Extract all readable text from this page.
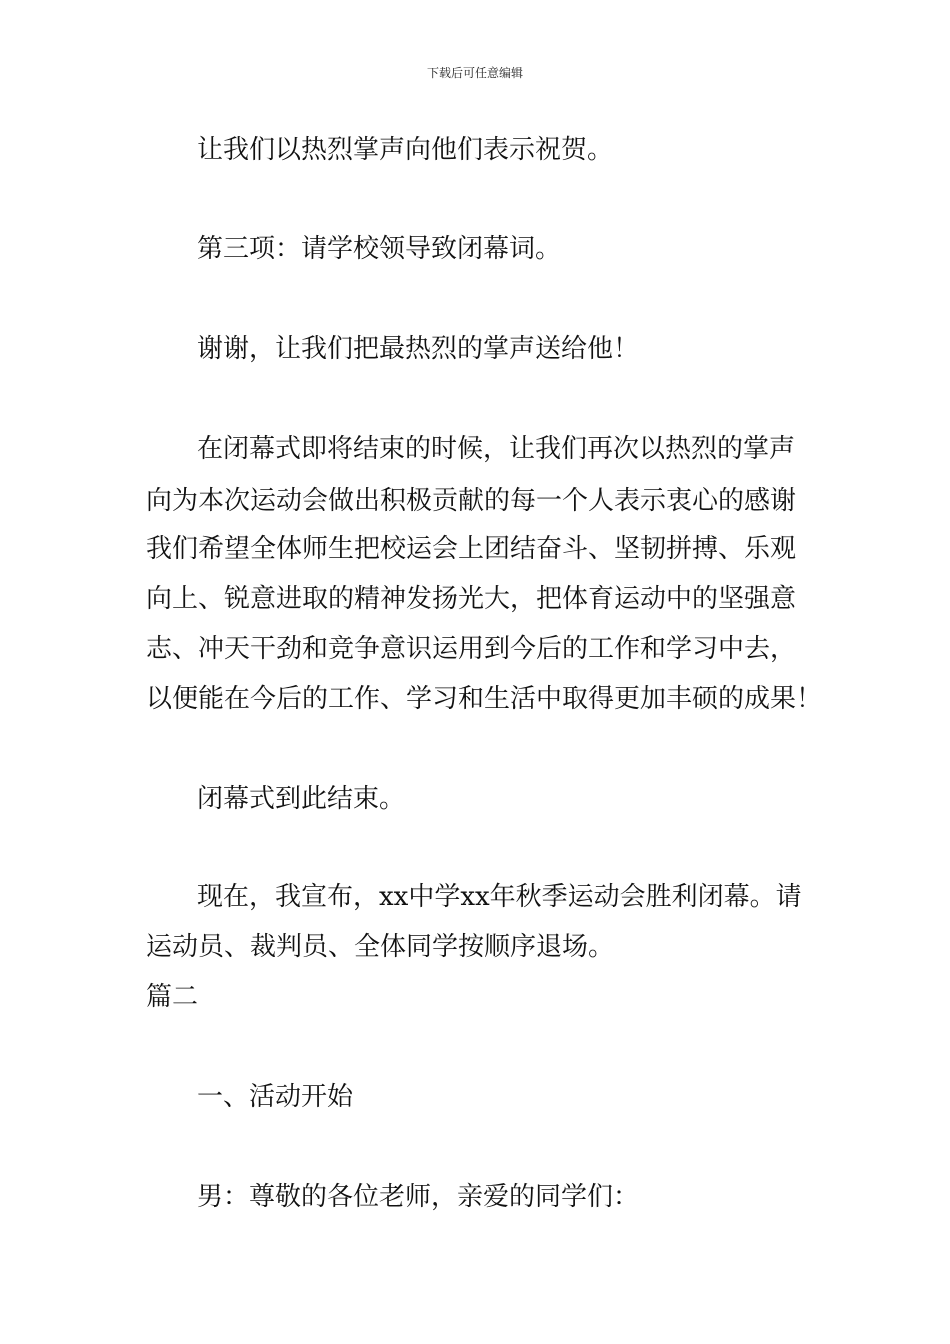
下载后可任意编辑
让我们以热烈掌声向他们表示祝贺。
第三项：请学校领导致闭幕词。
谢谢，让我们把最热烈的掌声送给他！
在闭幕式即将结束的时候，让我们再次以热烈的掌声
向为本次运动会做出积极贡献的每一个人表示衷心的感谢
我们希望全体师生把校运会上团结奋斗、坚韧拼搏、乐观
向上、锐意进取的精神发扬光大，把体育运动中的坚强意
志、冲天干劲和竞争意识运用到今后的工作和学习中去，
以便能在今后的工作、学习和生活中取得更加丰硕的成果！
闭幕式到此结束。
现在，我宣布，xx中学xx年秋季运动会胜利闭幕。请
运动员、裁判员、全体同学按顺序退场。
篇二
一、活动开始
男：尊敬的各位老师，亲爱的同学们：
